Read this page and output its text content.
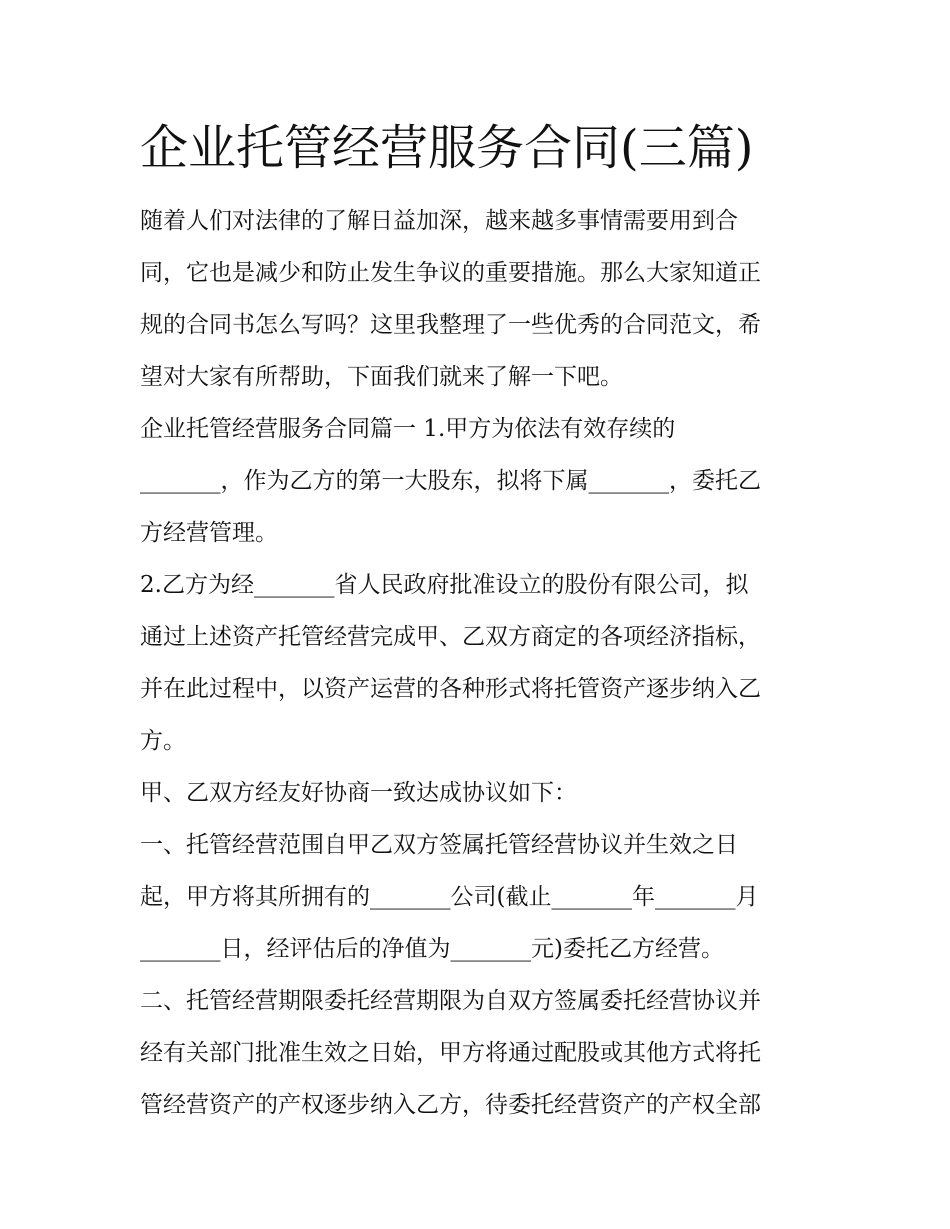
企业托管经营服务合同(三篇)
随着人们对法律的了解日益加深，越来越多事情需要用到合
同，它也是减少和防止发生争议的重要措施。那么大家知道正
规的合同书怎么写吗？这里我整理了一些优秀的合同范文，希
望对大家有所帮助，下面我们就来了解一下吧。
企业托管经营服务合同篇一 1.甲方为依法有效存续的
_______，作为乙方的第一大股东，拟将下属_______，委托乙
方经营管理。
2.乙方为经_______省人民政府批准设立的股份有限公司，拟
通过上述资产托管经营完成甲、乙双方商定的各项经济指标，
并在此过程中，以资产运营的各种形式将托管资产逐步纳入乙
方。
甲、乙双方经友好协商一致达成协议如下：
一、托管经营范围自甲乙双方签属托管经营协议并生效之日
起，甲方将其所拥有的_______公司(截止_______年_______月
_______日，经评估后的净值为_______元)委托乙方经营。
二、托管经营期限委托经营期限为自双方签属委托经营协议并
经有关部门批准生效之日始，甲方将通过配股或其他方式将托
管经营资产的产权逐步纳入乙方，待委托经营资产的产权全部
